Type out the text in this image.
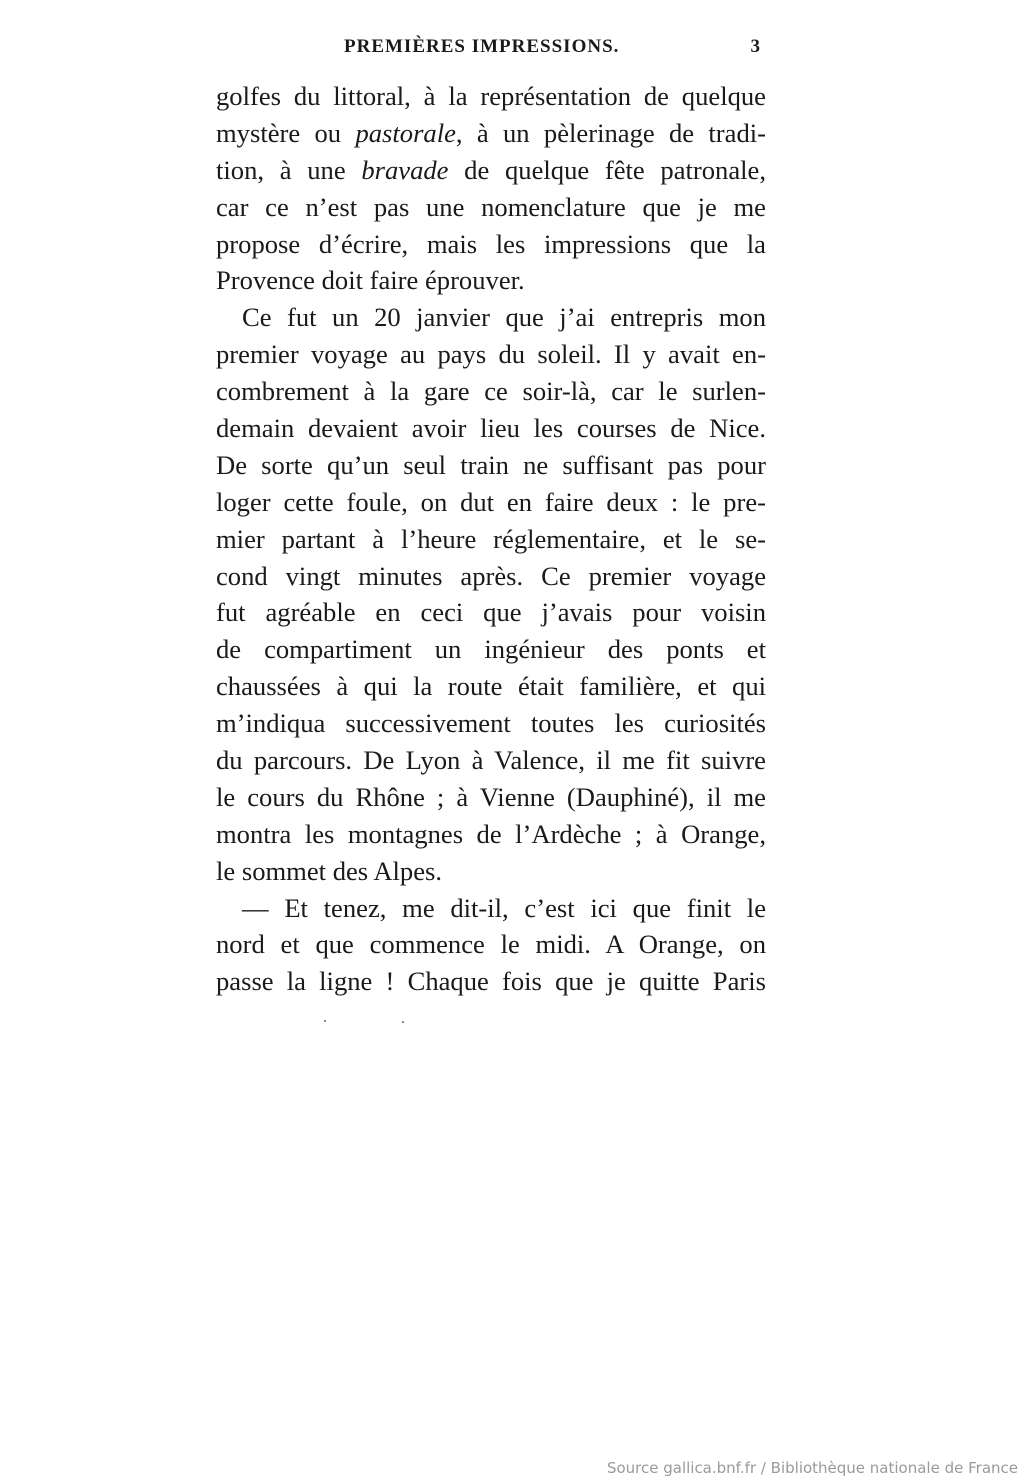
PREMIÈRES IMPRESSIONS.	3
golfes du littoral, à la représentation de quelque
mystère ou pastorale, à un pèlerinage de tradi-
tion, à une bravade de quelque fête patronale,
car ce n’est pas une nomenclature que je me
propose d’écrire, mais les impressions que la
Provence doit faire éprouver.
Ce fut un 20 janvier que j’ai entrepris mon
premier voyage au pays du soleil. Il y avait en-
combrement à la gare ce soir-là, car le surlen-
demain devaient avoir lieu les courses de Nice.
De sorte qu’un seul train ne suffisant pas pour
loger cette foule, on dut en faire deux : le pre-
mier partant à l’heure réglementaire, et le se-
cond vingt minutes après. Ce premier voyage
fut agréable en ceci que j’avais pour voisin
de compartiment un ingénieur des ponts et
chaussées à qui la route était familière, et qui
m’indiqua successivement toutes les curiosités
du parcours. De Lyon à Valence, il me fit suivre
le cours du Rhône ; à Vienne (Dauphiné), il me
montra les montagnes de l’Ardèche ; à Orange,
le sommet des Alpes.
— Et tenez, me dit-il, c’est ici que finit le
nord et que commence le midi. A Orange, on
passe la ligne ! Chaque fois que je quitte Paris
Source gallica.bnf.fr / Bibliothèque nationale de France
